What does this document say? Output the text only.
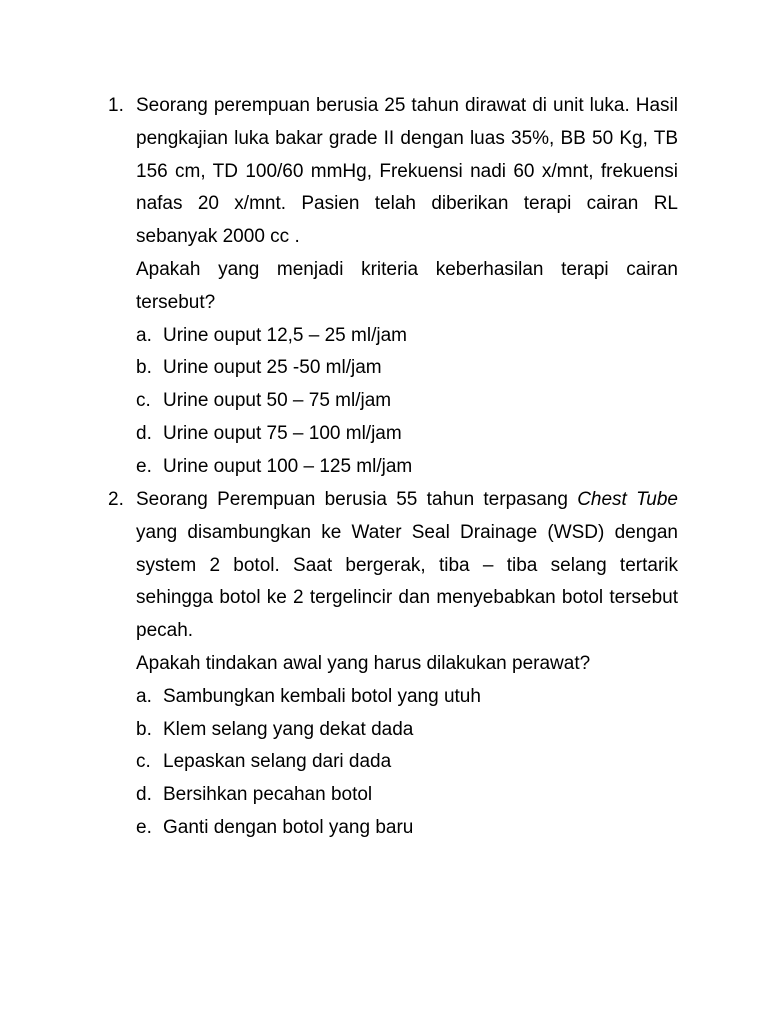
1. Seorang perempuan berusia 25 tahun dirawat di unit luka. Hasil pengkajian luka bakar grade II dengan luas 35%, BB 50 Kg, TB 156 cm, TD 100/60 mmHg, Frekuensi nadi 60 x/mnt, frekuensi nafas 20 x/mnt. Pasien telah diberikan terapi cairan RL sebanyak 2000 cc .

Apakah yang menjadi kriteria keberhasilan terapi cairan tersebut?

a. Urine ouput 12,5 – 25 ml/jam
b. Urine ouput 25 -50 ml/jam
c. Urine ouput 50 – 75 ml/jam
d. Urine ouput 75 – 100 ml/jam
e. Urine ouput 100 – 125 ml/jam
2. Seorang Perempuan berusia 55 tahun terpasang Chest Tube yang disambungkan ke Water Seal Drainage (WSD) dengan system 2 botol. Saat bergerak, tiba – tiba selang tertarik sehingga botol ke 2 tergelincir dan menyebabkan botol tersebut pecah.

Apakah tindakan awal yang harus dilakukan perawat?

a. Sambungkan kembali botol yang utuh
b. Klem selang yang dekat dada
c. Lepaskan selang dari dada
d. Bersihkan pecahan botol
e. Ganti dengan botol yang baru
